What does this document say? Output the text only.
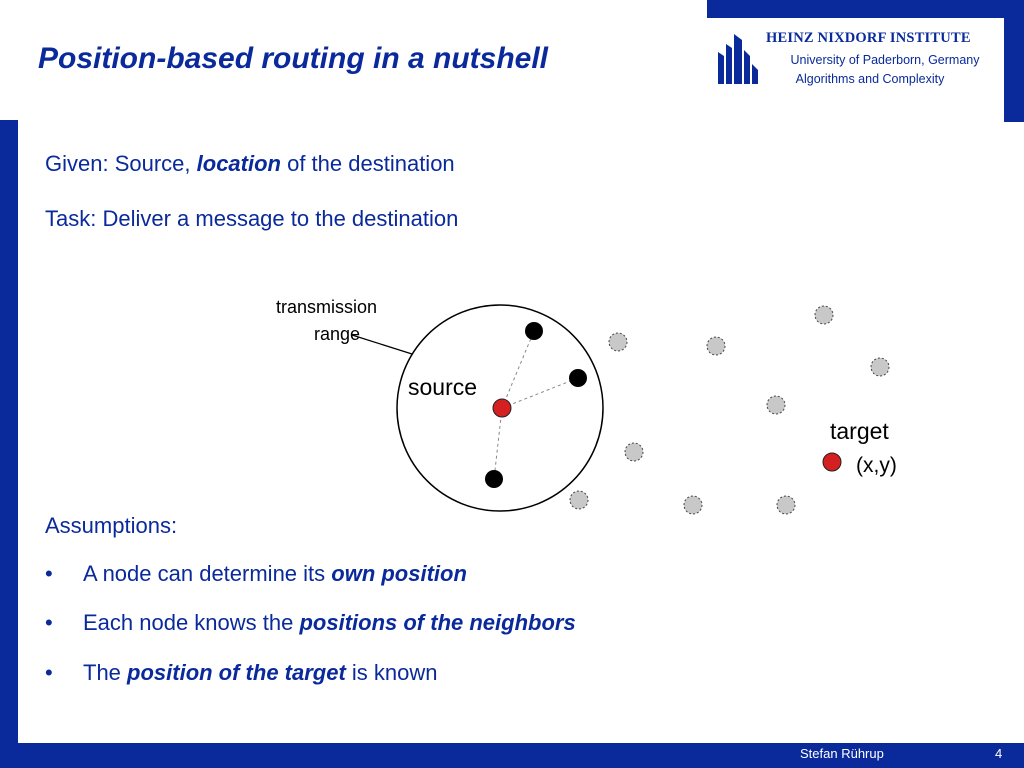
HEINZ NIXDORF INSTITUTE
University of Paderborn, Germany
Algorithms and Complexity
Position-based routing in a nutshell
Given: Source, location of the destination
Task: Deliver a message to the destination
Assumptions:
• A node can determine its own position
• Each node knows the positions of the neighbors
• The position of the target is known
transmission
range
source
target
(x,y)
Stefan Rührup	4
